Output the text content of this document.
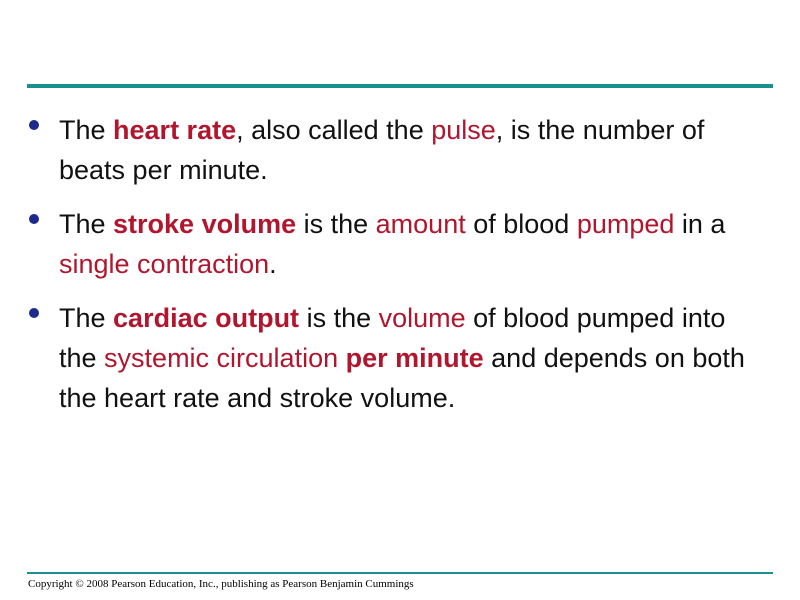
The heart rate, also called the pulse, is the number of beats per minute.
The stroke volume is the amount of blood pumped in a single contraction.
The cardiac output is the volume of blood pumped into the systemic circulation per minute and depends on both the heart rate and stroke volume.
Copyright © 2008 Pearson Education, Inc., publishing as Pearson Benjamin Cummings
